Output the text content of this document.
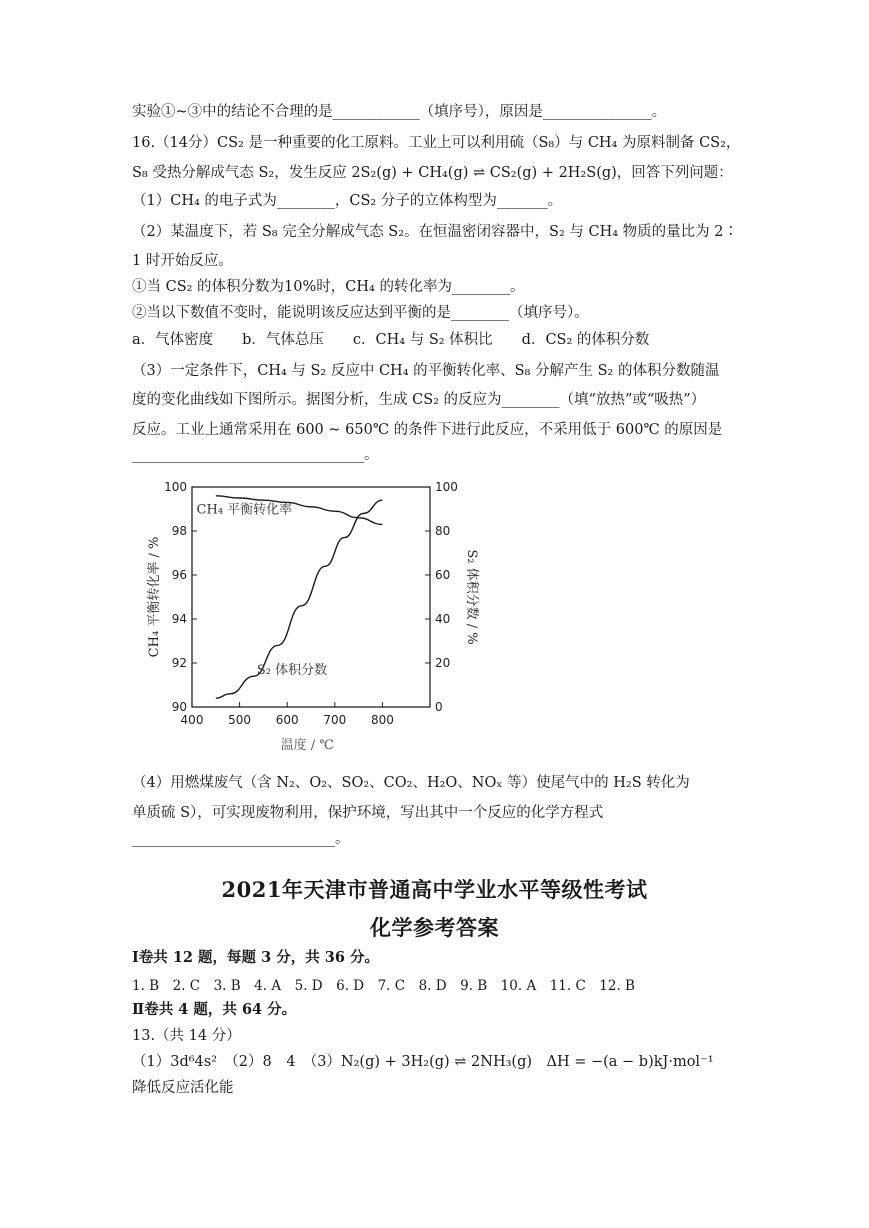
实验①~③中的结论不合理的是____________（填序号），原因是_______________。
16.（14分）CS₂ 是一种重要的化工原料。工业上可以利用硫（S₈）与 CH₄ 为原料制备 CS₂，
S₈ 受热分解成气态 S₂，发生反应 2S₂(g) + CH₄(g) ⇌ CS₂(g) + 2H₂S(g)，回答下列问题：
（1）CH₄ 的电子式为________，CS₂ 分子的立体构型为_______。
（2）某温度下，若 S₈ 完全分解成气态 S₂。在恒温密闭容器中，S₂ 与 CH₄ 物质的量比为 2∶
1 时开始反应。
①当 CS₂ 的体积分数为10%时，CH₄ 的转化率为________。
②当以下数值不变时，能说明该反应达到平衡的是________（填序号）。
a．气体密度　　b．气体总压　　c．CH₄ 与 S₂ 体积比　　d．CS₂ 的体积分数
（3）一定条件下，CH₄ 与 S₂ 反应中 CH₄ 的平衡转化率、S₈ 分解产生 S₂ 的体积分数随温
度的变化曲线如下图所示。据图分析，生成 CS₂ 的反应为________（填“放热”或“吸热”）
反应。工业上通常采用在 600 ~ 650℃ 的条件下进行此反应，不采用低于 600℃ 的原因是
________________________________。
400 500 600 700 800
90
92
94
96
98
100
0
20
40
60
80
100
温度 / ℃
CH₄ 平衡转化率 / %	S₂ 体积分数 / %
CH₄ 平衡转化率
S₂ 体积分数
（4）用燃煤废气（含 N₂、O₂、SO₂、CO₂、H₂O、NOₓ 等）使尾气中的 H₂S 转化为
单质硫 S），可实现废物利用，保护环境，写出其中一个反应的化学方程式
____________________________。
2021年天津市普通高中学业水平等级性考试
化学参考答案
Ⅰ卷共 12 题，每题 3 分，共 36 分。
1. B　2. C　3. B　4. A　5. D　6. D　7. C　8. D　9. B　10. A　11. C　12. B
Ⅱ卷共 4 题，共 64 分。
13.（共 14 分）
（1）3d⁶4s²　（2）8　4　（3）N₂(g) + 3H₂(g) ⇌ 2NH₃(g)　ΔH = −(a − b)kJ·mol⁻¹
降低反应活化能
